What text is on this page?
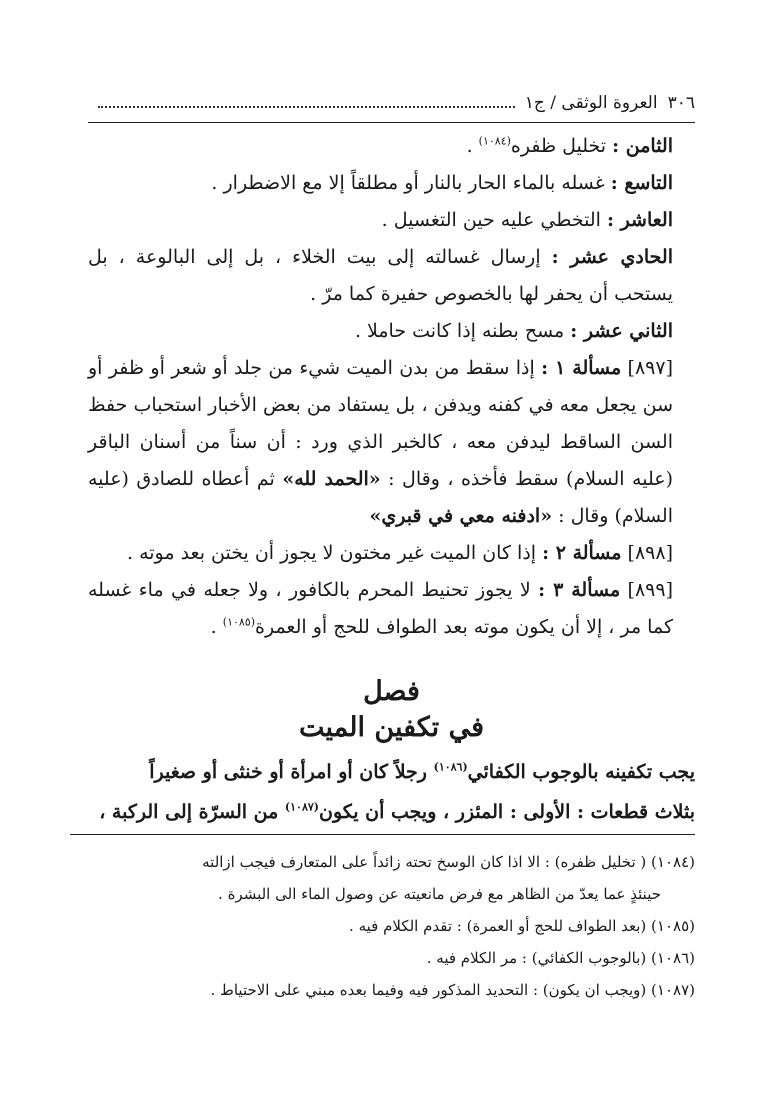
٣٠٦
العروة الوثقى / ج١

الثامن : تخليل ظفره$^{(١٠٨٤)}$ .

التاسع : غسله بالماء الحار بالنار أو مطلقاً إلا مع الاضطرار .

العاشر : التخطي عليه حين التغسيل .

الحادي عشر : إرسال غسالته إلى بيت الخلاء ، بل إلى البالوعة ، بل يستحب أن يحفر لها بالخصوص حفيرة كما مرّ .

الثاني عشر : مسح بطنه إذا كانت حاملا .

[٨٩٧] مسألة ١ : إذا سقط من بدن الميت شيء من جلد أو شعر أو ظفر أو سن يجعل معه في كفنه ويدفن ، بل يستفاد من بعض الأخبار استحباب حفظ السن الساقط ليدفن معه ، كالخبر الذي ورد : أن سناً من أسنان الباقر (عليه السلام) سقط فأخذه ، وقال : «الحمد لله» ثم أعطاه للصادق (عليه السلام) وقال : «ادفنه معي في قبري»

[٨٩٨] مسألة ٢ : إذا كان الميت غير مختون لا يجوز أن يختن بعد موته .

[٨٩٩] مسألة ٣ : لا يجوز تحنيط المحرم بالكافور ، ولا جعله في ماء غسله كما مر ، إلا أن يكون موته بعد الطواف للحج أو العمرة$^{(١٠٨٥)}$ .

فصل
في تكفين الميت

يجب تكفينه بالوجوب الكفائي$^{(١٠٨٦)}$ رجلاً كان أو امرأة أو خنثى أو صغيراً

بثلاث قطعات : الأولى : المئزر ، ويجب أن يكون$^{(١٠٨٧)}$ من السرّة إلى الركبة ،

(١٠٨٤) ( تخليل ظفره) : الا اذا كان الوسخ تحته زائداً على المتعارف فيجب ازالته

حينئذٍ عما يعدّ من الظاهر مع فرض مانعيته عن وصول الماء الى البشرة .

(١٠٨٥) (بعد الطواف للحج أو العمرة) : تقدم الكلام فيه .

(١٠٨٦) (بالوجوب الكفائي) : مر الكلام فيه .

(١٠٨٧) (ويجب ان يكون) : التحديد المذكور فيه وفيما بعده مبني على الاحتياط .
